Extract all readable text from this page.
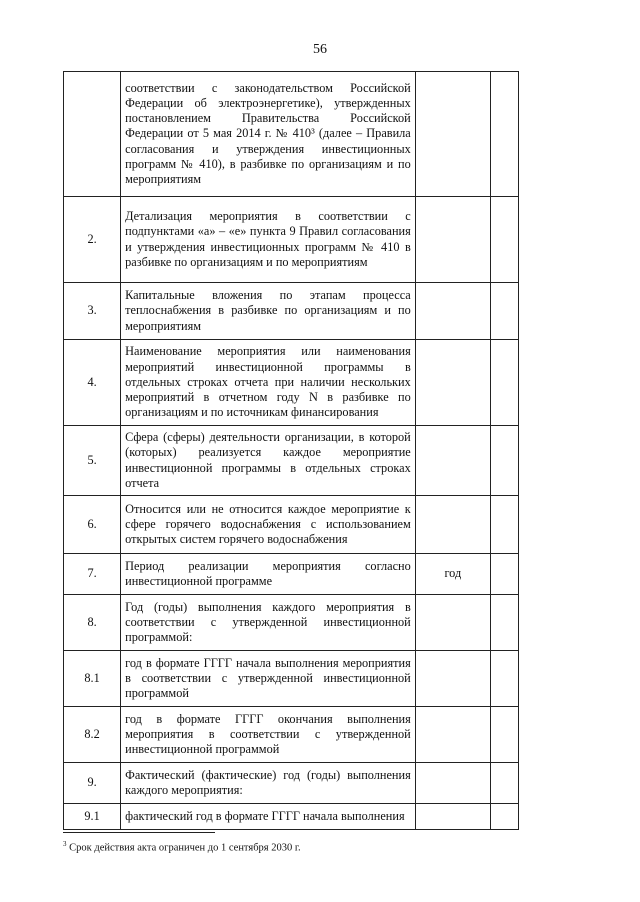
56

	соответствии с законодательством Российской Федерации об электроэнергетике), утвержденных постановлением Правительства Российской Федерации от 5 мая 2014 г. № 410³ (далее – Правила согласования и утверждения инвестиционных программ № 410), в разбивке по организациям и по мероприятиям		

2.	Детализация мероприятия в соответствии с подпунктами «а» – «е» пункта 9 Правил согласования и утверждения инвестиционных программ № 410 в разбивке по организациям и по мероприятиям		

3.	Капитальные вложения по этапам процесса теплоснабжения в разбивке по организациям и по мероприятиям		

4.	Наименование мероприятия или наименования мероприятий инвестиционной программы в отдельных строках отчета при наличии нескольких мероприятий в отчетном году N в разбивке по организациям и по источникам финансирования		

5.	Сфера (сферы) деятельности организации, в которой (которых) реализуется каждое мероприятие инвестиционной программы в отдельных строках отчета		

6.	Относится или не относится каждое мероприятие к сфере горячего водоснабжения с использованием открытых систем горячего водоснабжения		

7.	Период реализации мероприятия согласно инвестиционной программе	год	
8.	Год (годы) выполнения каждого мероприятия в соответствии с утвержденной инвестиционной программой:		

8.1	год в формате ГГГГ начала выполнения мероприятия в соответствии с утвержденной инвестиционной программой		

8.2	год в формате ГГГГ окончания выполнения мероприятия в соответствии с утвержденной инвестиционной программой		

9.	Фактический (фактические) год (годы) выполнения каждого мероприятия:		

9.1	фактический год в формате ГГГГ начала выполнения		

$^3$ Срок действия акта ограничен до 1 сентября 2030 г.
